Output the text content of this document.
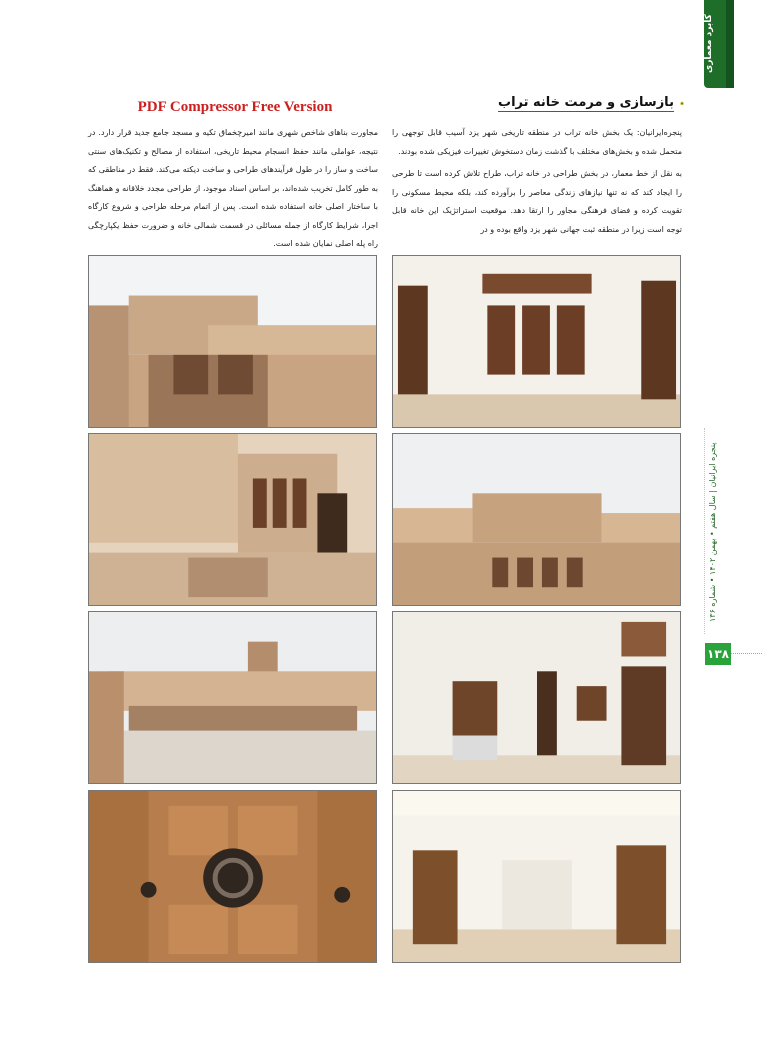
PDF Compressor Free Version	بازسازی و مرمت خانه تراب

پنجره‌ایرانیان: یک بخش خانه تراب در منطقه تاریخی شهر یزد آسیب قابل توجهی را متحمل شده و بخش‌های مختلف با گذشت زمان دستخوش تغییرات فیزیکی شده بودند.

به نقل از خط معمار، در بخش طراحی در خانه تراب، طراح تلاش کرده است تا طرحی را ایجاد کند که نه تنها نیازهای زندگی معاصر را برآورده کند، بلکه محیط مسکونی را تقویت کرده و فضای فرهنگی مجاور را ارتقا دهد. موقعیت استراتژیک این خانه قابل توجه است زیرا در منطقه ثبت جهانی شهر یزد واقع بوده و در

مجاورت بناهای شاخص شهری مانند امیرچخماق تکیه و مسجد جامع جدید قرار دارد. در نتیجه، عواملی مانند حفظ انسجام محیط تاریخی، استفاده از مصالح و تکنیک‌های سنتی ساخت و ساز را در طول فرآیندهای طراحی و ساخت دیکته می‌کند. فقط در مناطقی که به طور کامل تخریب شده‌اند، بر اساس اسناد موجود، از طراحی مجدد خلاقانه و هماهنگ با ساختار اصلی خانه استفاده شده است. پس از اتمام مرحله طراحی و شروع کارگاه اجرا، شرایط کارگاه از جمله مسائلی در قسمت شمالی خانه و ضرورت حفظ یکپارچگی راه پله اصلی نمایان شده است.

کابرد معماری
پنجره ایرانیان | سال هفتم • بهمن ۱۴۰۲ • شماره ۱۳۶
۱۳۸
